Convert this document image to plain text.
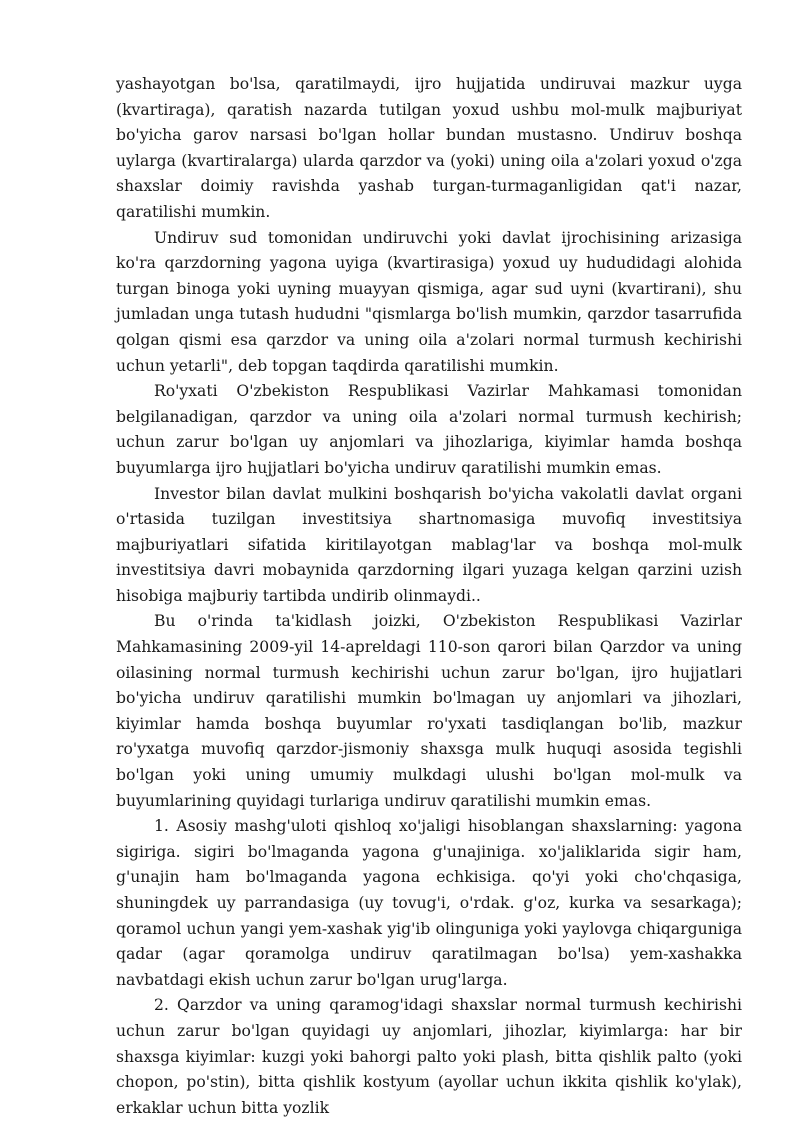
yashayotgan bo'lsa, qaratilmaydi, ijro hujjatida undiruvai mazkur uyga (kvartiraga), qaratish nazarda tutilgan yoxud ushbu mol-mulk majburiyat bo'yicha garov narsasi bo'lgan hollar bundan mustasno. Undiruv boshqa uylarga (kvartiralarga) ularda qarzdor va (yoki) uning oila a'zolari yoxud o'zga shaxslar doimiy ravishda yashab turgan-turmaganligidan qat'i nazar, qaratilishi mumkin.

Undiruv sud tomonidan undiruvchi yoki davlat ijrochisining arizasiga ko'ra qarzdorning yagona uyiga (kvartirasiga) yoxud uy hududidagi alohida turgan binoga yoki uyning muayyan qismiga, agar sud uyni (kvartirani), shu jumladan unga tutash hududni "qismlarga bo'lish mumkin, qarzdor tasarrufida qolgan qismi esa qarzdor va uning oila a'zolari normal turmush kechirishi uchun yetarli", deb topgan taqdirda qaratilishi mumkin.

Ro'yxati O'zbekiston Respublikasi Vazirlar Mahkamasi tomonidan belgilanadigan, qarzdor va uning oila a'zolari normal turmush kechirish; uchun zarur bo'lgan uy anjomlari va jihozlariga, kiyimlar hamda boshqa buyumlarga ijro hujjatlari bo'yicha undiruv qaratilishi mumkin emas.

Investor bilan davlat mulkini boshqarish bo'yicha vakolatli davlat organi o'rtasida tuzilgan investitsiya shartnomasiga muvofiq investitsiya majburiyatlari sifatida kiritilayotgan mablag'lar va boshqa mol-mulk investitsiya davri mobaynida qarzdorning ilgari yuzaga kelgan qarzini uzish hisobiga majburiy tartibda undirib olinmaydi..

Bu o'rinda ta'kidlash joizki, O'zbekiston Respublikasi Vazirlar Mahkamasining 2009-yil 14-apreldagi 110-son qarori bilan Qarzdor va uning oilasining normal turmush kechirishi uchun zarur bo'lgan, ijro hujjatlari bo'yicha undiruv qaratilishi mumkin bo'lmagan uy anjomlari va jihozlari, kiyimlar hamda boshqa buyumlar ro'yxati tasdiqlangan bo'lib, mazkur ro'yxatga muvofiq qarzdor-jismoniy shaxsga mulk huquqi asosida tegishli bo'lgan yoki uning umumiy mulkdagi ulushi bo'lgan mol-mulk va buyumlarining quyidagi turlariga undiruv qaratilishi mumkin emas.

1. Asosiy mashg'uloti qishloq xo'jaligi hisoblangan shaxslarning: yagona sigiriga. sigiri bo'lmaganda yagona g'unajiniga. xo'jaliklarida sigir ham, g'unajin ham bo'lmaganda yagona echkisiga. qo'yi yoki cho'chqasiga, shuningdek uy parrandasiga (uy tovug'i, o'rdak. g'oz, kurka va sesarkaga); qoramol uchun yangi yem-xashak yig'ib olinguniga yoki yaylovga chiqarguniga qadar (agar qoramolga undiruv qaratilmagan bo'lsa) yem-xashakka navbatdagi ekish uchun zarur bo'lgan urug'larga.

2. Qarzdor va uning qaramog'idagi shaxslar normal turmush kechirishi uchun zarur bo'lgan quyidagi uy anjomlari, jihozlar, kiyimlarga: har bir shaxsga kiyimlar: kuzgi yoki bahorgi palto yoki plash, bitta qishlik palto (yoki chopon, po'stin), bitta qishlik kostyum (ayollar uchun ikkita qishlik ko'ylak), erkaklar uchun bitta yozlik
